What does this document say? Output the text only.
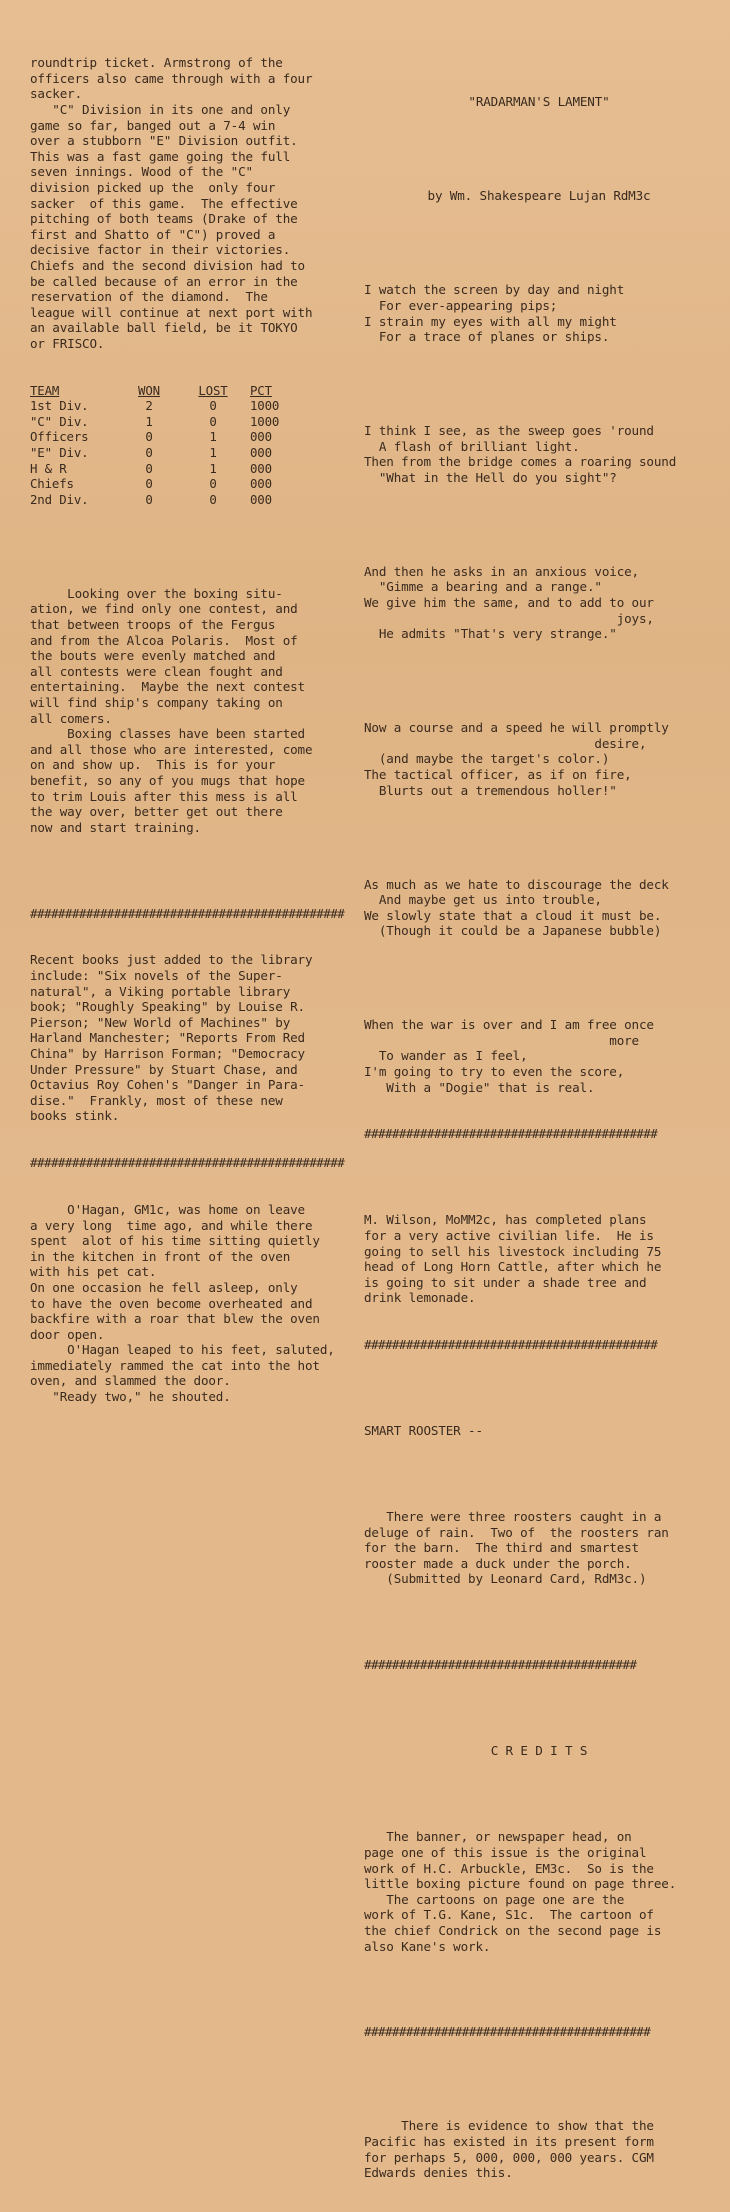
roundtrip ticket. Armstrong of the
officers also came through with a four
sacker.
"C" Division in its one and only
game so far, banged out a 7-4 win
over a stubborn "E" Division outfit.
This was a fast game going the full
seven innings. Wood of the "C"
division picked up the  only four
sacker  of this game.  The effective
pitching of both teams (Drake of the
first and Shatto of "C") proved a
decisive factor in their victories.
Chiefs and the second division had to
be called because of an error in the
reservation of the diamond.  The
league will continue at next port with
an available ball field, be it TOKYO
or FRISCO.

TEAM	WON	LOST	PCT
1st Div.	2	0	1000
"C" Div.	1	0	1000
Officers	0	1	000
"E" Div.	0	1	000
H & R	0	1	000
Chiefs	0	0	000
2nd Div.	0	0	000

Looking over the boxing situ-
ation, we find only one contest, and
that between troops of the Fergus
and from the Alcoa Polaris.  Most of
the bouts were evenly matched and
all contests were clean fought and
entertaining.  Maybe the next contest
will find ship's company taking on
all comers.
Boxing classes have been started
and all those who are interested, come
on and show up.  This is for your
benefit, so any of you mugs that hope
to trim Louis after this mess is all
the way over, better get out there
now and start training.

#############################################

Recent books just added to the library
include: "Six novels of the Super-
natural", a Viking portable library
book; "Roughly Speaking" by Louise R.
Pierson; "New World of Machines" by
Harland Manchester; "Reports From Red
China" by Harrison Forman; "Democracy
Under Pressure" by Stuart Chase, and
Octavius Roy Cohen's "Danger in Para-
dise."  Frankly, most of these new
books stink.

#############################################

O'Hagan, GM1c, was home on leave
a very long  time ago, and while there
spent  alot of his time sitting quietly
in the kitchen in front of the oven
with his pet cat.
On one occasion he fell asleep, only
to have the oven become overheated and
backfire with a roar that blew the oven
door open.
O'Hagan leaped to his feet, saluted,
immediately rammed the cat into the hot
oven, and slammed the door.
"Ready two," he shouted.

"RADARMAN'S LAMENT"

by Wm. Shakespeare Lujan RdM3c

I watch the screen by day and night
For ever-appearing pips;
I strain my eyes with all my might
For a trace of planes or ships.

I think I see, as the sweep goes 'round
A flash of brilliant light.
Then from the bridge comes a roaring sound
"What in the Hell do you sight"?

And then he asks in an anxious voice,
"Gimme a bearing and a range."
We give him the same, and to add to our
joys,
He admits "That's very strange."

Now a course and a speed he will promptly
desire,
(and maybe the target's color.)
The tactical officer, as if on fire,
Blurts out a tremendous holler!"

As much as we hate to discourage the deck
And maybe get us into trouble,
We slowly state that a cloud it must be.
(Though it could be a Japanese bubble)

When the war is over and I am free once
more
To wander as I feel,
I'm going to try to even the score,
With a "Dogie" that is real.

##########################################

M. Wilson, MoMM2c, has completed plans
for a very active civilian life.  He is
going to sell his livestock including 75
head of Long Horn Cattle, after which he
is going to sit under a shade tree and
drink lemonade.

##########################################

SMART ROOSTER --

There were three roosters caught in a
deluge of rain.  Two of  the roosters ran
for the barn.  The third and smartest
rooster made a duck under the porch.
(Submitted by Leonard Card, RdM3c.)

#######################################

C R E D I T S

The banner, or newspaper head, on
page one of this issue is the original
work of H.C. Arbuckle, EM3c.  So is the
little boxing picture found on page three.
The cartoons on page one are the
work of T.G. Kane, S1c.  The cartoon of
the chief Condrick on the second page is
also Kane's work.

#########################################

There is evidence to show that the
Pacific has existed in its present form
for perhaps 5, 000, 000, 000 years. CGM
Edwards denies this.
